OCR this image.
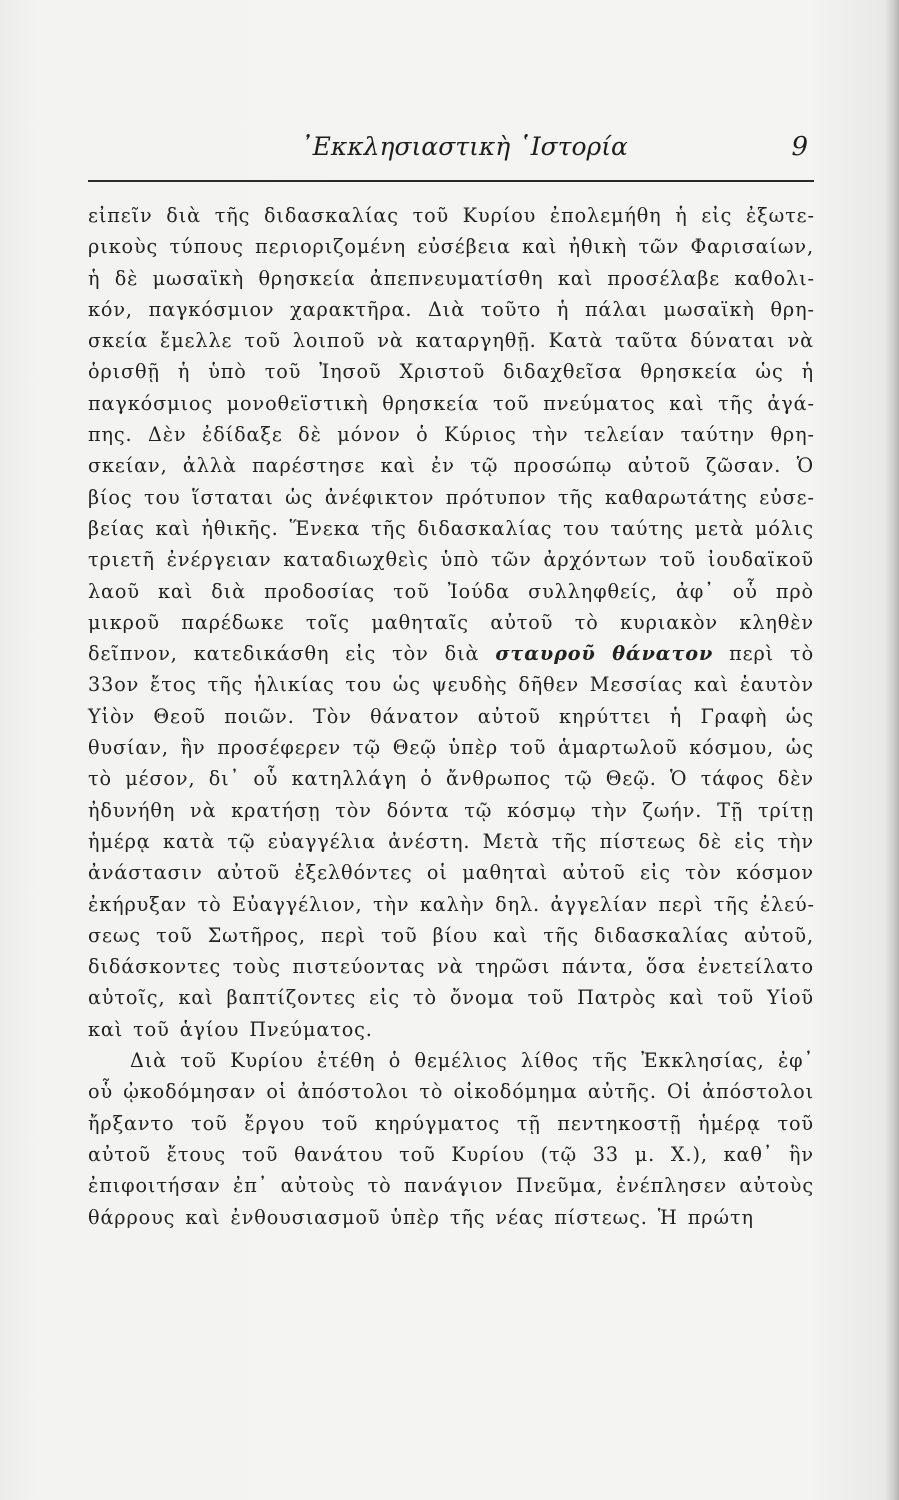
᾿Εκκλησιαστικὴ ῾Ιστορία	9

εἰπεῖν διὰ τῆς διδασκαλίας τοῦ Κυρίου ἐπολεμήθη ἡ εἰς ἐξωτερικοὺς τύπους περιοριζομένη εὐσέβεια καὶ ἠθικὴ τῶν Φαρισαίων, ἡ δὲ μωσαϊκὴ θρησκεία ἀπεπνευματίσθη καὶ προσέλαβε καθολικόν, παγκόσμιον χαρακτῆρα. Διὰ τοῦτο ἡ πάλαι μωσαϊκὴ θρησκεία ἔμελλε τοῦ λοιποῦ νὰ καταργηθῇ. Κατὰ ταῦτα δύναται νὰ ὁρισθῇ ἡ ὑπὸ τοῦ Ἰησοῦ Χριστοῦ διδαχθεῖσα θρησκεία ὡς ἡ παγκόσμιος μονοθεϊστικὴ θρησκεία τοῦ πνεύματος καὶ τῆς ἀγάπης. Δὲν ἐδίδαξε δὲ μόνον ὁ Κύριος τὴν τελείαν ταύτην θρησκείαν, ἀλλὰ παρέστησε καὶ ἐν τῷ προσώπῳ αὐτοῦ ζῶσαν. Ὁ βίος του ἵσταται ὡς ἀνέφικτον πρότυπον τῆς καθαρωτάτης εὐσεβείας καὶ ἠθικῆς. Ἕνεκα τῆς διδασκαλίας του ταύτης μετὰ μόλις τριετῆ ἐνέργειαν καταδιωχθεὶς ὑπὸ τῶν ἀρχόντων τοῦ ἰουδαϊκοῦ λαοῦ καὶ διὰ προδοσίας τοῦ Ἰούδα συλληφθείς, ἀφ᾿ οὗ πρὸ μικροῦ παρέδωκε τοῖς μαθηταῖς αὐτοῦ τὸ κυριακὸν κληθὲν δεῖπνον, κατεδικάσθη εἰς τὸν διὰ σταυροῦ θάνατον περὶ τὸ 33ον ἔτος τῆς ἡλικίας του ὡς ψευδὴς δῆθεν Μεσσίας καὶ ἑαυτὸν Υἱὸν Θεοῦ ποιῶν. Τὸν θάνατον αὐτοῦ κηρύττει ἡ Γραφὴ ὡς θυσίαν, ἣν προσέφερεν τῷ Θεῷ ὑπὲρ τοῦ ἁμαρτωλοῦ κόσμου, ὡς τὸ μέσον, δι᾿ οὗ κατηλλάγη ὁ ἄνθρωπος τῷ Θεῷ. Ὁ τάφος δὲν ἠδυνήθη νὰ κρατήσῃ τὸν δόντα τῷ κόσμῳ τὴν ζωήν. Τῇ τρίτῃ ἡμέρᾳ κατὰ τῷ εὐαγγέλια ἀνέστη. Μετὰ τῆς πίστεως δὲ εἰς τὴν ἀνάστασιν αὐτοῦ ἐξελθόντες οἱ μαθηταὶ αὐτοῦ εἰς τὸν κόσμον ἐκήρυξαν τὸ Εὐαγγέλιον, τὴν καλὴν δηλ. ἀγγελίαν περὶ τῆς ἐλεύσεως τοῦ Σωτῆρος, περὶ τοῦ βίου καὶ τῆς διδασκαλίας αὐτοῦ, διδάσκοντες τοὺς πιστεύοντας νὰ τηρῶσι πάντα, ὅσα ἐνετείλατο αὐτοῖς, καὶ βαπτίζοντες εἰς τὸ ὄνομα τοῦ Πατρὸς καὶ τοῦ Υἱοῦ καὶ τοῦ ἁγίου Πνεύματος.

Διὰ τοῦ Κυρίου ἐτέθη ὁ θεμέλιος λίθος τῆς Ἐκκλησίας, ἐφ᾿ οὗ ᾠκοδόμησαν οἱ ἀπόστολοι τὸ οἰκοδόμημα αὐτῆς. Οἱ ἀπόστολοι ἤρξαντο τοῦ ἔργου τοῦ κηρύγματος τῇ πεντηκοστῇ ἡμέρᾳ τοῦ αὐτοῦ ἔτους τοῦ θανάτου τοῦ Κυρίου (τῷ 33 μ. Χ.), καθ᾿ ἣν ἐπιφοιτήσαν ἐπ᾿ αὐτοὺς τὸ πανάγιον Πνεῦμα, ἐνέπλησεν αὐτοὺς θάρρους καὶ ἐνθουσιασμοῦ ὑπὲρ τῆς νέας πίστεως. Ἡ πρώτη
